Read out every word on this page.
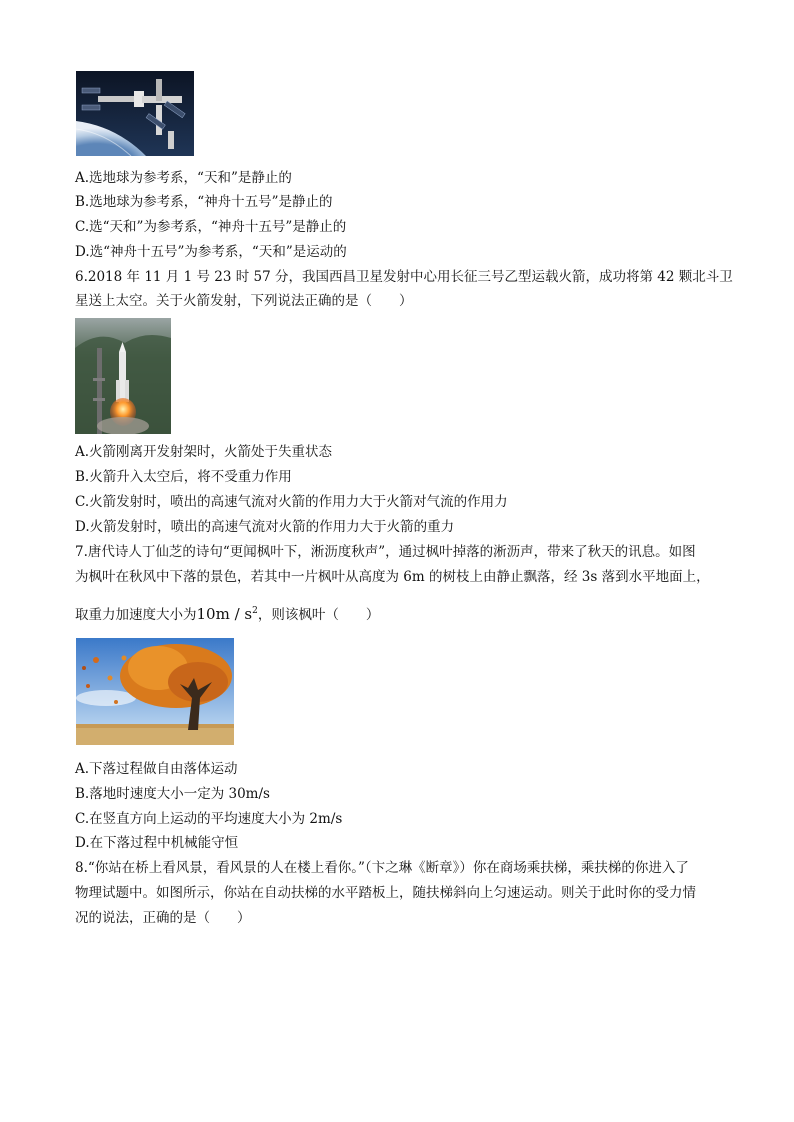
A.选地球为参考系，“天和”是静止的
B.选地球为参考系，“神舟十五号”是静止的
C.选“天和”为参考系，“神舟十五号”是静止的
D.选“神舟十五号”为参考系，“天和”是运动的
6.2018 年 11 月 1 号 23 时 57 分，我国西昌卫星发射中心用长征三号乙型运载火箭，成功将第 42 颗北斗卫
星送上太空。关于火箭发射，下列说法正确的是（　　）
A.火箭刚离开发射架时，火箭处于失重状态
B.火箭升入太空后，将不受重力作用
C.火箭发射时，喷出的高速气流对火箭的作用力大于火箭对气流的作用力
D.火箭发射时，喷出的高速气流对火箭的作用力大于火箭的重力
7.唐代诗人丁仙芝的诗句“更闻枫叶下，淅沥度秋声”，通过枫叶掉落的淅沥声，带来了秋天的讯息。如图
为枫叶在秋风中下落的景色，若其中一片枫叶从高度为 6m 的树枝上由静止飘落，经 3s 落到水平地面上，
取重力加速度大小为$10m / s^2$，则该枫叶（　　）
A.下落过程做自由落体运动
B.落地时速度大小一定为 30m/s
C.在竖直方向上运动的平均速度大小为 2m/s
D.在下落过程中机械能守恒
8.“你站在桥上看风景，看风景的人在楼上看你。”（卞之琳《断章》）你在商场乘扶梯，乘扶梯的你进入了
物理试题中。如图所示，你站在自动扶梯的水平踏板上，随扶梯斜向上匀速运动。则关于此时你的受力情
况的说法，正确的是（　　）
